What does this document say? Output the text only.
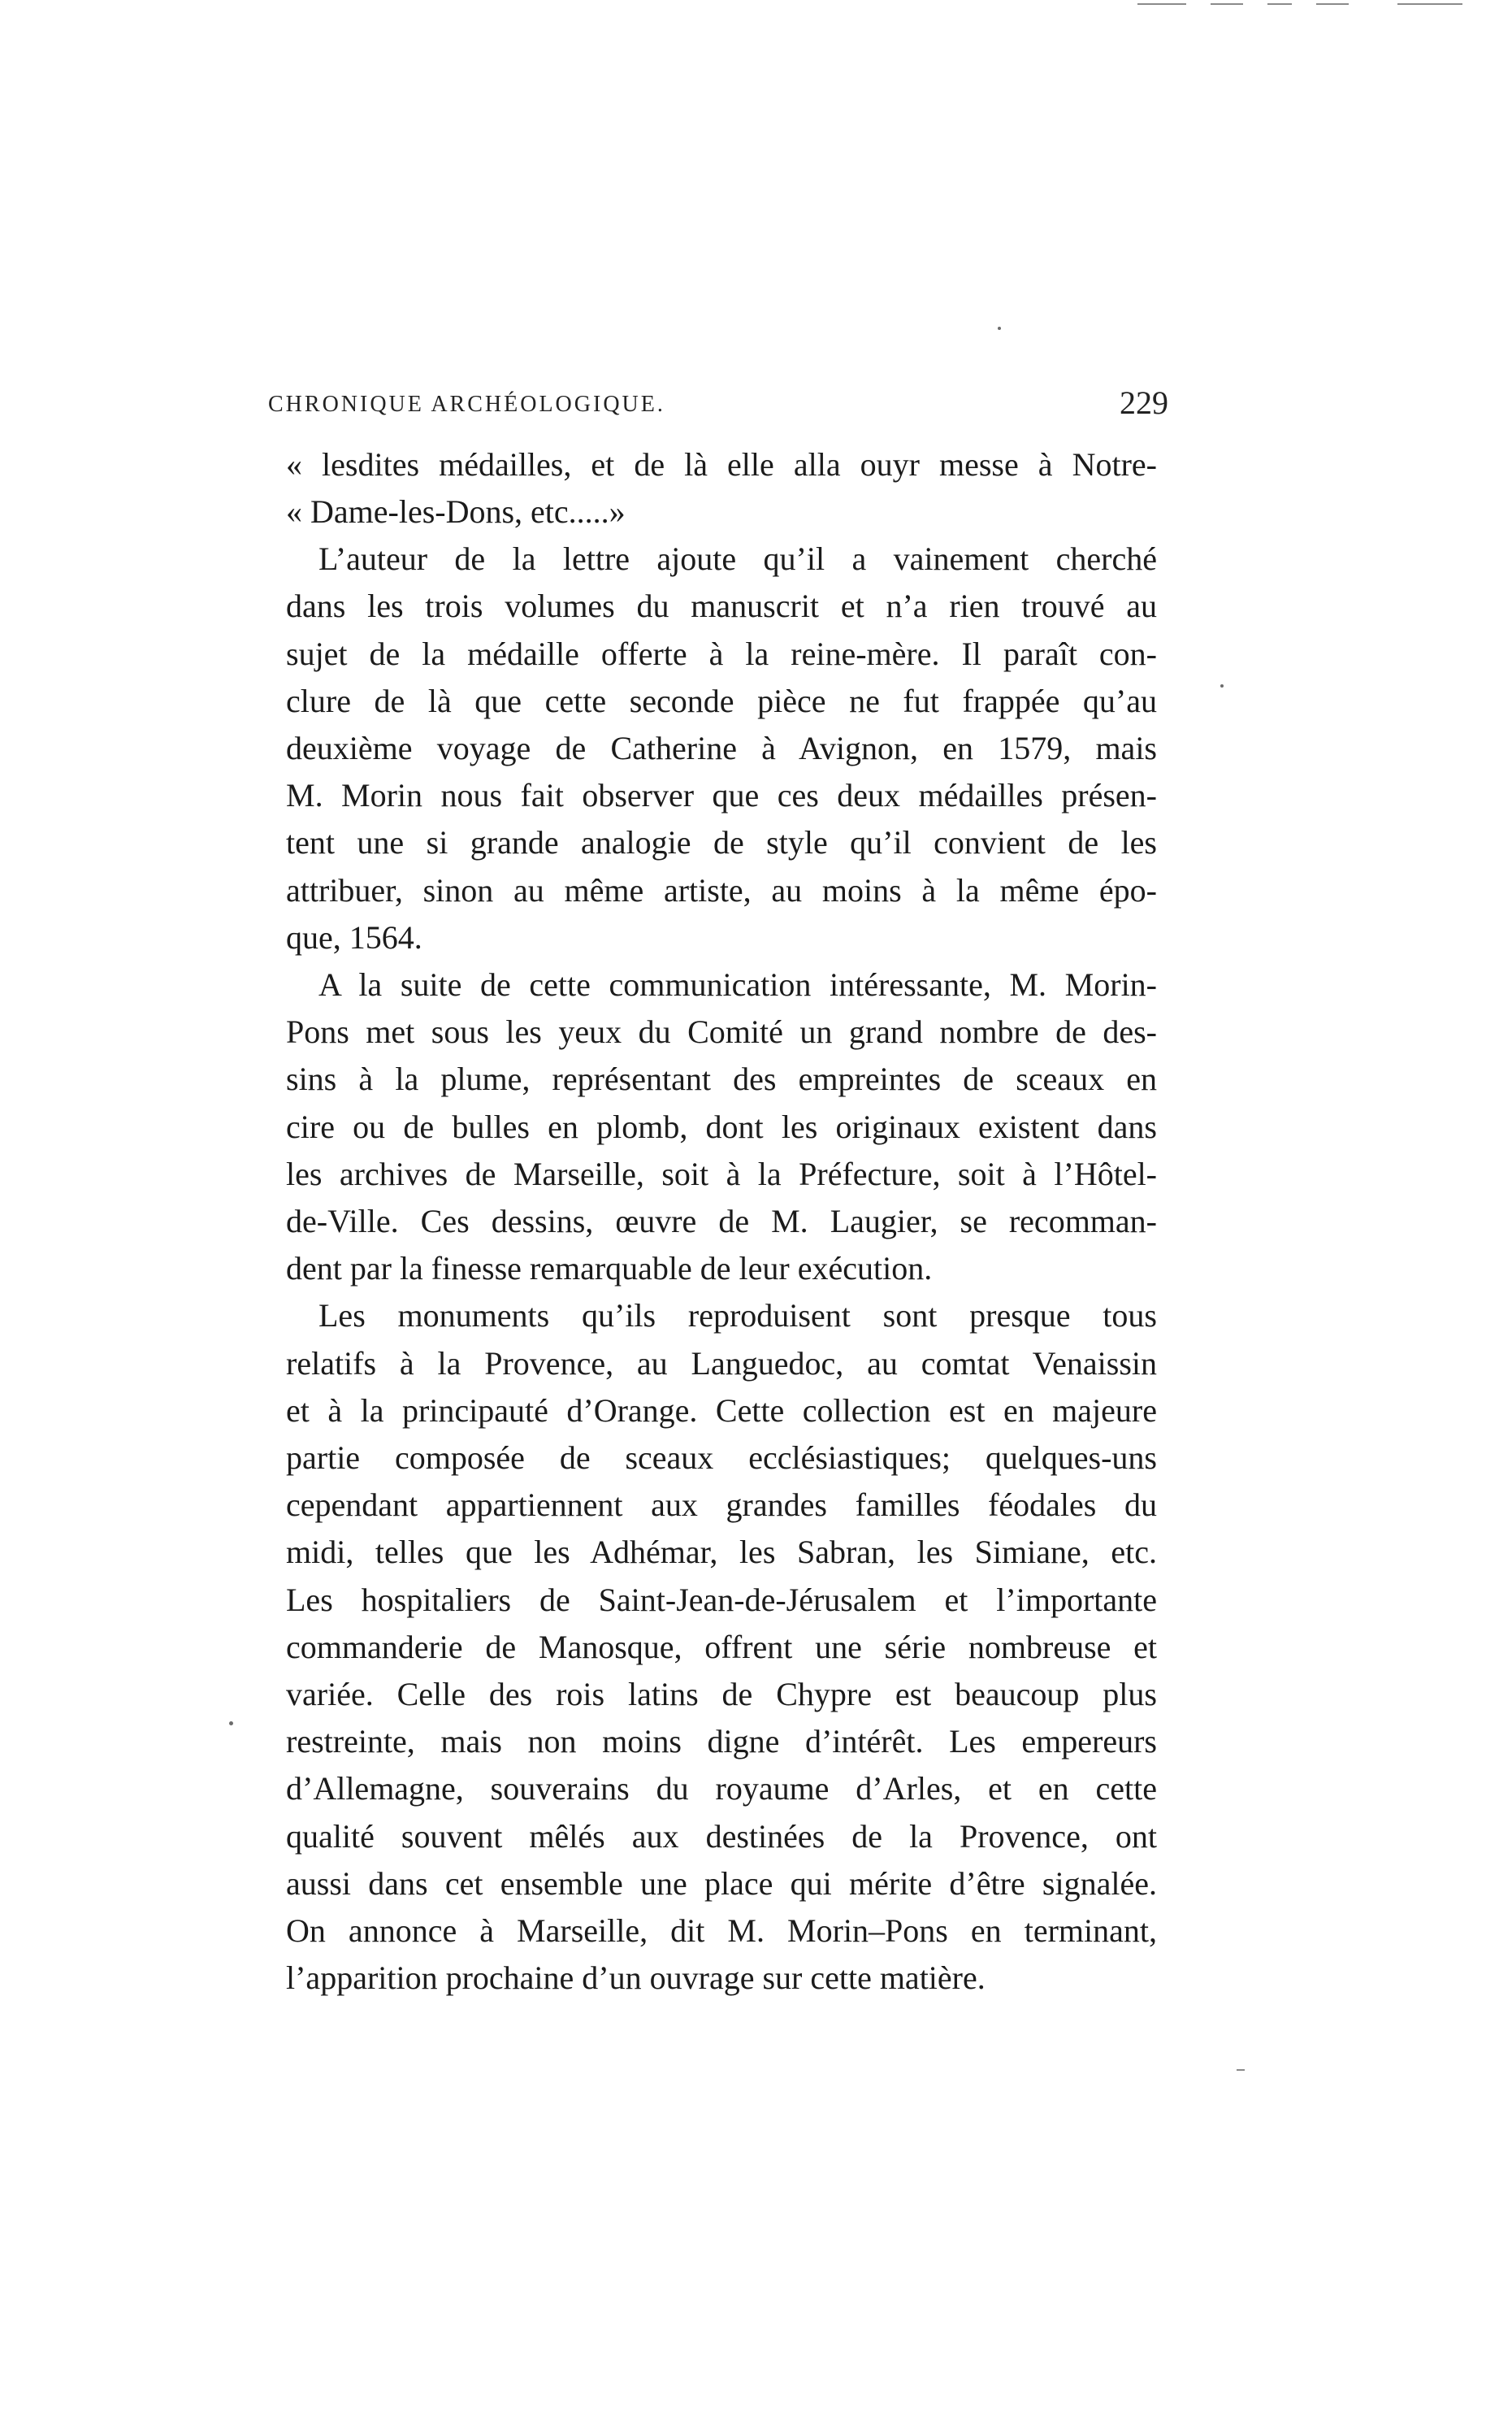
CHRONIQUE ARCHÉOLOGIQUE.	229
« lesdites médailles, et de là elle alla ouyr messe à Notre-
« Dame-les-Dons, etc.....»
L’auteur de la lettre ajoute qu’il a vainement cherché
dans les trois volumes du manuscrit et n’a rien trouvé au
sujet de la médaille offerte à la reine-mère. Il paraît con-
clure de là que cette seconde pièce ne fut frappée qu’au
deuxième voyage de Catherine à Avignon, en 1579, mais
M. Morin nous fait observer que ces deux médailles présen-
tent une si grande analogie de style qu’il convient de les
attribuer, sinon au même artiste, au moins à la même épo-
que, 1564.
A la suite de cette communication intéressante, M. Morin-
Pons met sous les yeux du Comité un grand nombre de des-
sins à la plume, représentant des empreintes de sceaux en
cire ou de bulles en plomb, dont les originaux existent dans
les archives de Marseille, soit à la Préfecture, soit à l’Hôtel-
de-Ville. Ces dessins, œuvre de M. Laugier, se recomman-
dent par la finesse remarquable de leur exécution.
Les monuments qu’ils reproduisent sont presque tous
relatifs à la Provence, au Languedoc, au comtat Venaissin
et à la principauté d’Orange. Cette collection est en majeure
partie composée de sceaux ecclésiastiques; quelques-uns
cependant appartiennent aux grandes familles féodales du
midi, telles que les Adhémar, les Sabran, les Simiane, etc.
Les hospitaliers de Saint-Jean-de-Jérusalem et l’importante
commanderie de Manosque, offrent une série nombreuse et
variée. Celle des rois latins de Chypre est beaucoup plus
restreinte, mais non moins digne d’intérêt. Les empereurs
d’Allemagne, souverains du royaume d’Arles, et en cette
qualité souvent mêlés aux destinées de la Provence, ont
aussi dans cet ensemble une place qui mérite d’être signalée.
On annonce à Marseille, dit M. Morin–Pons en terminant,
l’apparition prochaine d’un ouvrage sur cette matière.
